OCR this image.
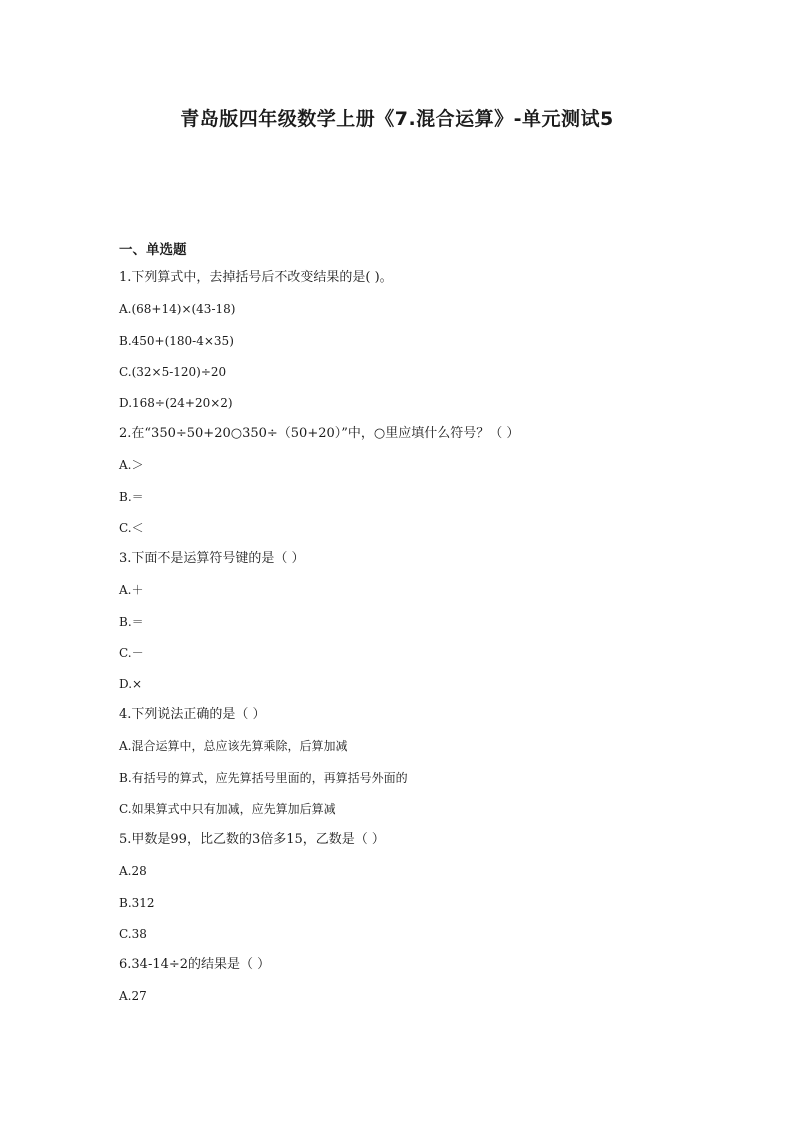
青岛版四年级数学上册《7.混合运算》-单元测试5
一、单选题
1.下列算式中，去掉括号后不改变结果的是( )。
A.(68+14)×(43-18)
B.450+(180-4×35)
C.(32×5-120)÷20
D.168÷(24+20×2)
2.在“350÷50+20○350÷（50+20）”中，○里应填什么符号？（ ）
A.＞
B.＝
C.＜
3.下面不是运算符号键的是（ ）
A.＋
B.＝
C.－
D.×
4.下列说法正确的是（ ）
A.混合运算中，总应该先算乘除，后算加减
B.有括号的算式，应先算括号里面的，再算括号外面的
C.如果算式中只有加减，应先算加后算减
5.甲数是99，比乙数的3倍多15，乙数是（ ）
A.28
B.312
C.38
6.34-14÷2的结果是（ ）
A.27
